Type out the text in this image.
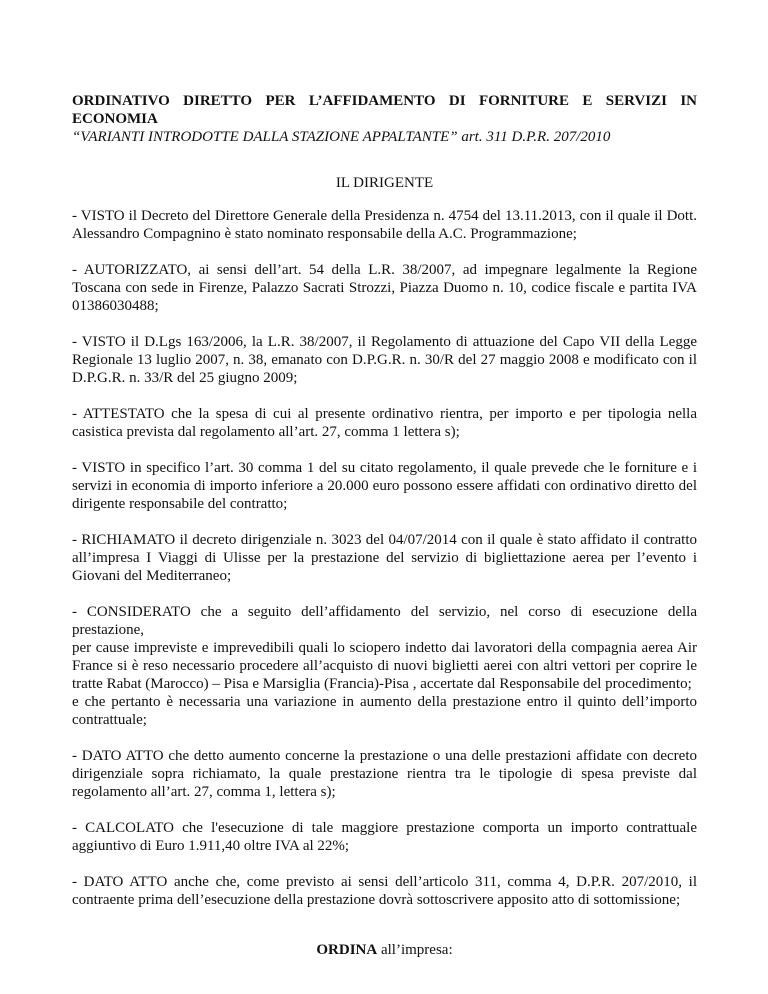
ORDINATIVO DIRETTO PER L’AFFIDAMENTO DI FORNITURE E SERVIZI IN ECONOMIA

“VARIANTI INTRODOTTE DALLA STAZIONE APPALTANTE” art. 311 D.P.R. 207/2010

IL DIRIGENTE

- VISTO il Decreto del Direttore Generale della Presidenza n. 4754 del 13.11.2013, con il quale il Dott. Alessandro Compagnino è stato nominato responsabile della A.C. Programmazione;

- AUTORIZZATO, ai sensi dell’art. 54 della L.R. 38/2007, ad impegnare legalmente la Regione Toscana con sede in Firenze, Palazzo Sacrati Strozzi, Piazza Duomo n. 10, codice fiscale e partita IVA 01386030488;

- VISTO il D.Lgs 163/2006, la L.R. 38/2007, il Regolamento di attuazione del Capo VII della Legge Regionale 13 luglio 2007, n. 38, emanato con D.P.G.R. n. 30/R del 27 maggio 2008 e modificato con il D.P.G.R. n. 33/R del 25 giugno 2009;

- ATTESTATO che la spesa di cui al presente ordinativo rientra, per importo e per tipologia nella casistica prevista dal regolamento all’art. 27, comma 1 lettera s);

- VISTO in specifico l’art. 30 comma 1 del su citato regolamento, il quale prevede che le forniture e i servizi in economia di importo inferiore a 20.000 euro possono essere affidati con ordinativo diretto del dirigente responsabile del contratto;

- RICHIAMATO il decreto dirigenziale n. 3023 del 04/07/2014 con il quale è stato affidato il contratto all’impresa I Viaggi di Ulisse per la prestazione del servizio di bigliettazione aerea per l’evento i Giovani del Mediterraneo;

- CONSIDERATO che a seguito dell’affidamento del servizio, nel corso di esecuzione della prestazione,
per cause impreviste e imprevedibili quali lo sciopero indetto dai lavoratori della compagnia aerea Air France si è reso necessario procedere all’acquisto di nuovi biglietti aerei con altri vettori per coprire le tratte Rabat (Marocco) – Pisa e Marsiglia (Francia)-Pisa , accertate dal Responsabile del procedimento;
e che pertanto è necessaria una variazione in aumento della prestazione entro il quinto dell’importo contrattuale;

- DATO ATTO che detto aumento concerne la prestazione o una delle prestazioni affidate con decreto dirigenziale sopra richiamato, la quale prestazione rientra tra le tipologie di spesa previste dal regolamento all’art. 27, comma 1, lettera s);

- CALCOLATO che l'esecuzione di tale maggiore prestazione comporta un importo contrattuale aggiuntivo di Euro 1.911,40 oltre IVA al 22%;

- DATO ATTO anche che, come previsto ai sensi dell’articolo 311, comma 4, D.P.R. 207/2010, il contraente prima dell’esecuzione della prestazione dovrà sottoscrivere apposito atto di sottomissione;

ORDINA all’impresa:
